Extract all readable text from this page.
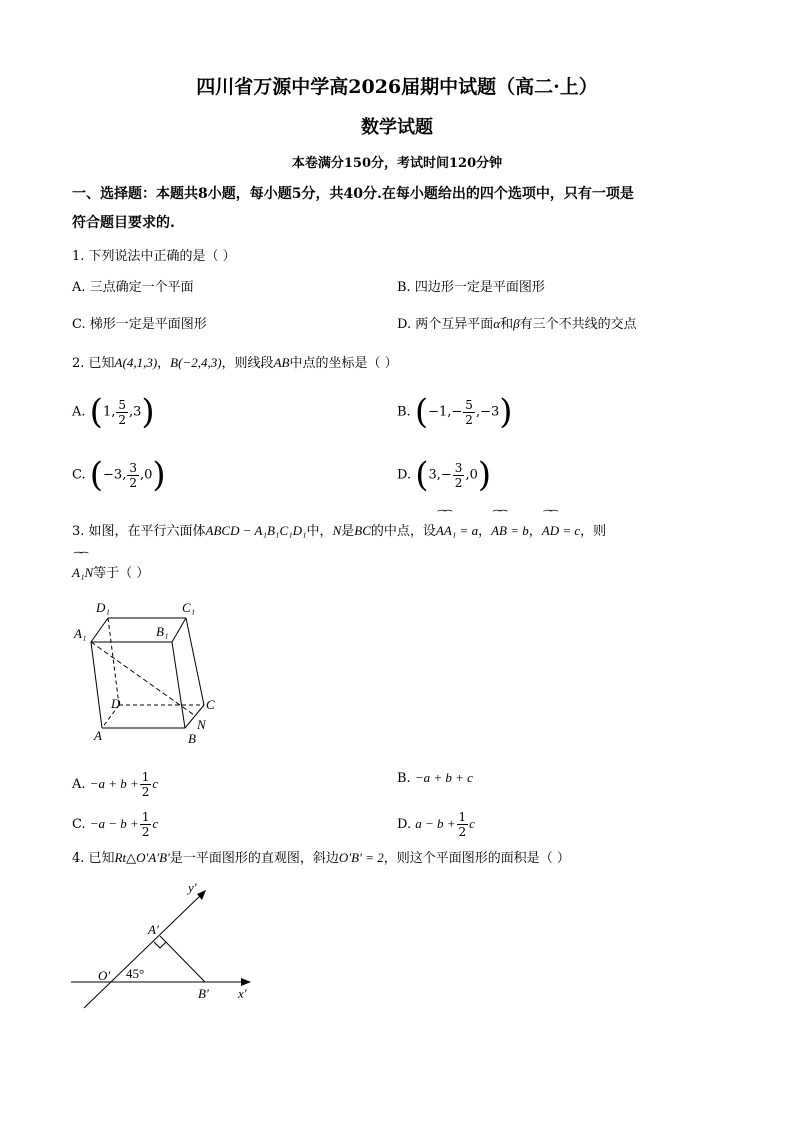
四川省万源中学高2026届期中试题（高二·上）
数学试题
本卷满分150分，考试时间120分钟
一、选择题：本题共8小题，每小题5分，共40分.在每小题给出的四个选项中，只有一项是
符合题目要求的.
1. 下列说法中正确的是（ ）
A. 三点确定一个平面	B. 四边形一定是平面图形
C. 梯形一定是平面图形	D. 两个互异平面α和β有三个不共线的交点
2. 已知A(4,1,3)，B(−2,4,3)，则线段AB中点的坐标是（ ）
A. (1, $\frac{5}{2} ,3$)	B. $(-1,- \frac{5}{2} ,-3)$
C. (−3, $\frac{3}{2} ,0$)	D. $(3,- \frac{3}{2} ,0)$
3. 如图，在平行六面体ABCD − A₁B₁C₁D₁中，N是BC的中点，设⁀⁀ AA₁ = a，⁀⁀ AB = b，⁀⁀ AD = c，则
⁀⁀ A₁N等于（ ）
D₁	C₁
A₁	B₁
D	C
N
A	B
A. $-a + b + \frac{1}{2}$ c	B. −a + b + c
C. $-a - b + \frac{1}{2}$ c	D. $a - b + \frac{1}{2}$ c
4. 已知Rt△O′A′B′是一平面图形的直观图，斜边O′B′ = 2，则这个平面图形的面积是（ ）
y′
A′
O′ 45°
B′ x′
